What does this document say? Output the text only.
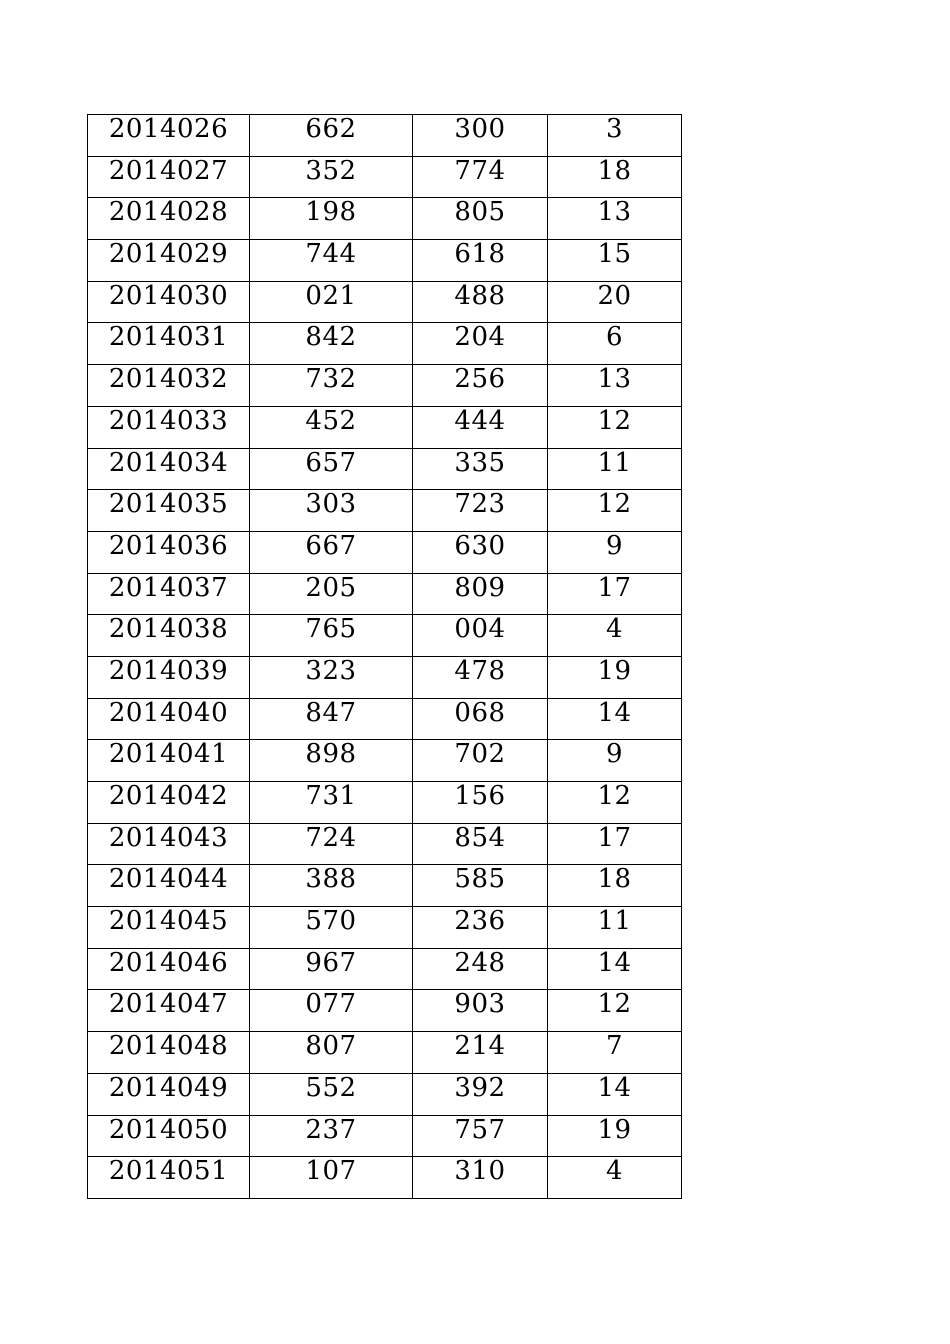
2014026	662	300	3
2014027	352	774	18
2014028	198	805	13
2014029	744	618	15
2014030	021	488	20
2014031	842	204	6
2014032	732	256	13
2014033	452	444	12
2014034	657	335	11
2014035	303	723	12
2014036	667	630	9
2014037	205	809	17
2014038	765	004	4
2014039	323	478	19
2014040	847	068	14
2014041	898	702	9
2014042	731	156	12
2014043	724	854	17
2014044	388	585	18
2014045	570	236	11
2014046	967	248	14
2014047	077	903	12
2014048	807	214	7
2014049	552	392	14
2014050	237	757	19
2014051	107	310	4
